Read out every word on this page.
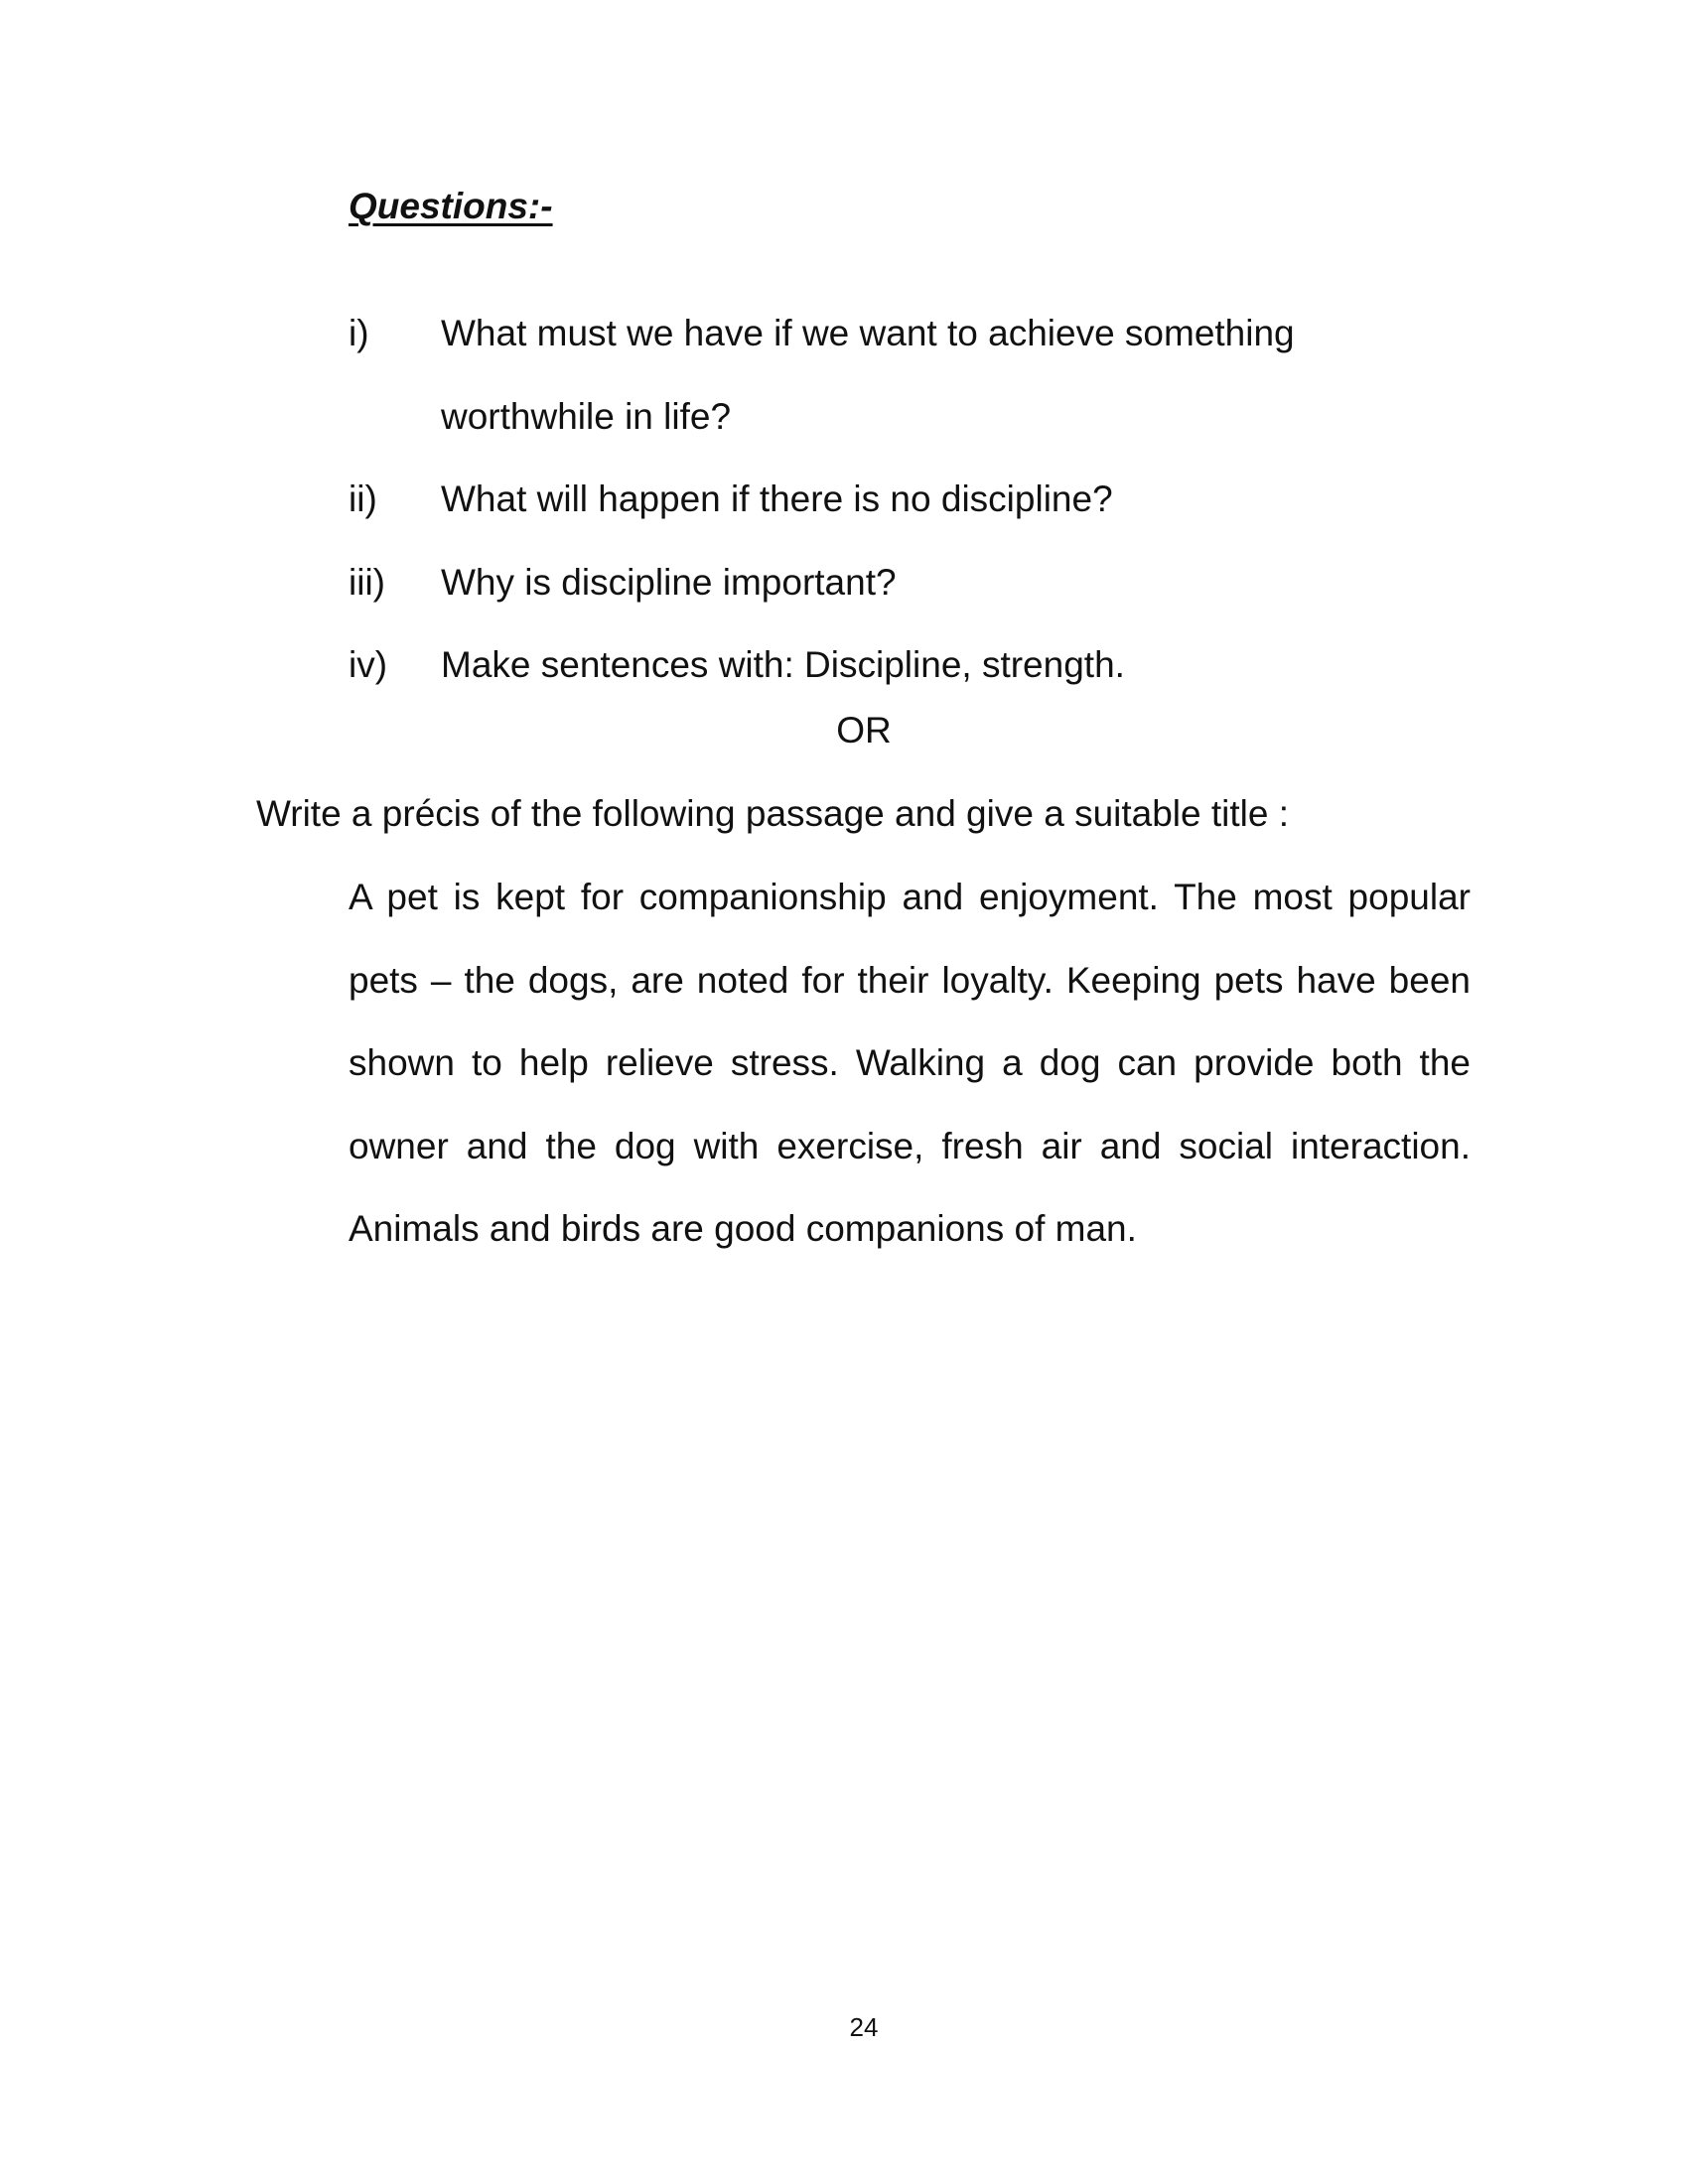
Questions:-
i)	What must we have if we want to achieve something worthwhile in life?
ii)	What will happen if there is no discipline?
iii)	Why is discipline important?
iv)	Make sentences with: Discipline, strength.
OR
Write a précis of the following passage and give a suitable title :

A pet is kept for companionship and enjoyment. The most popular pets – the dogs, are noted for their loyalty. Keeping pets have been shown to help relieve stress. Walking a dog can provide both the owner and the dog with exercise, fresh air and social interaction. Animals and birds are good companions of man.

24
